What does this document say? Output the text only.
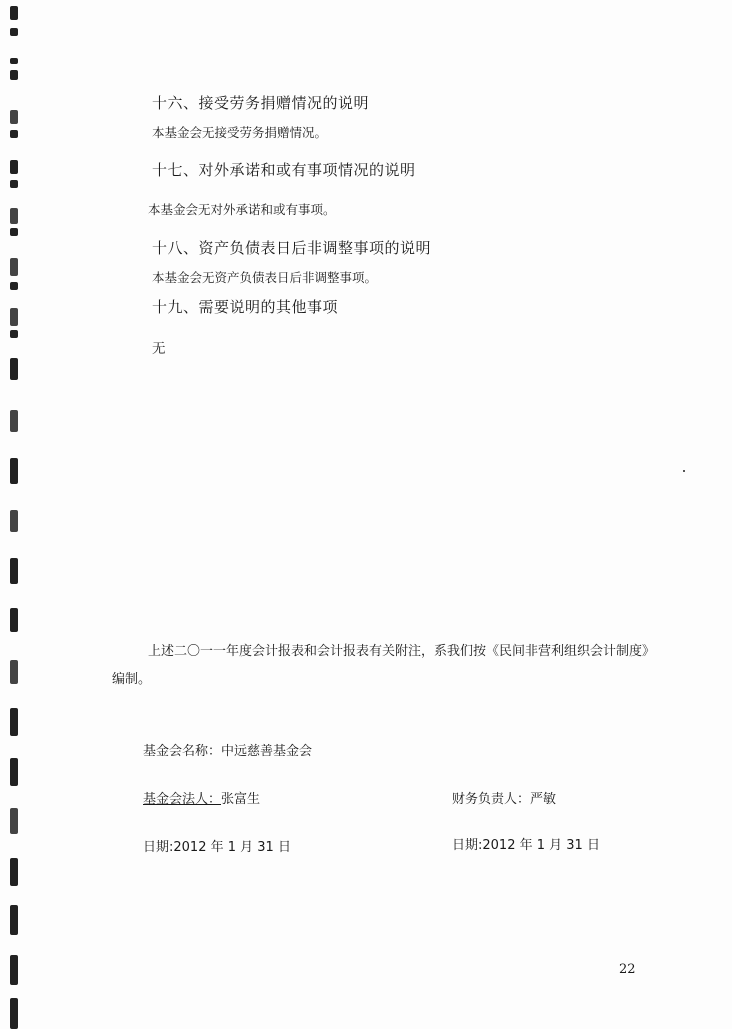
十六、接受劳务捐赠情况的说明
本基金会无接受劳务捐赠情况。
十七、对外承诺和或有事项情况的说明
本基金会无对外承诺和或有事项。
十八、资产负债表日后非调整事项的说明
本基金会无资产负债表日后非调整事项。
十九、需要说明的其他事项
无
上述二〇一一年度会计报表和会计报表有关附注，系我们按《民间非营利组织会计制度》
编制。
基金会名称：中远慈善基金会
基金会法人：张富生	财务负责人：严敏
日期:2012 年 1 月 31 日	日期:2012 年 1 月 31 日
22
